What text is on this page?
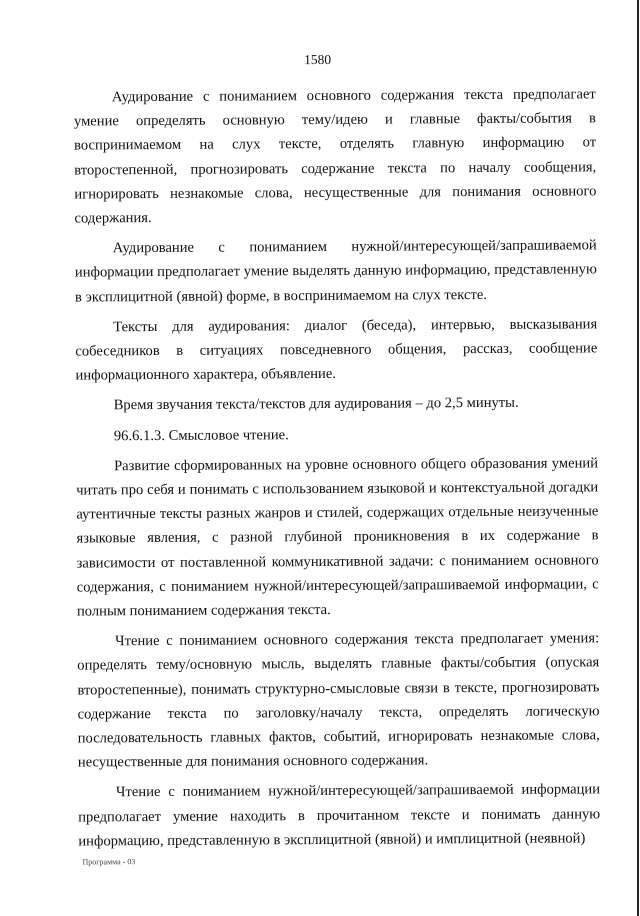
1580

Аудирование с пониманием основного содержания текста предполагает умение определять основную тему/идею и главные факты/события в воспринимаемом на слух тексте, отделять главную информацию от второстепенной, прогнозировать содержание текста по началу сообщения, игнорировать незнакомые слова, несущественные для понимания основного содержания.

Аудирование с пониманием нужной/интересующей/запрашиваемой информации предполагает умение выделять данную информацию, представленную в эксплицитной (явной) форме, в воспринимаемом на слух тексте.

Тексты для аудирования: диалог (беседа), интервью, высказывания собеседников в ситуациях повседневного общения, рассказ, сообщение информационного характера, объявление.

Время звучания текста/текстов для аудирования – до 2,5 минуты.

96.6.1.3. Смысловое чтение.

Развитие сформированных на уровне основного общего образования умений читать про себя и понимать с использованием языковой и контекстуальной догадки аутентичные тексты разных жанров и стилей, содержащих отдельные неизученные языковые явления, с разной глубиной проникновения в их содержание в зависимости от поставленной коммуникативной задачи: с пониманием основного содержания, с пониманием нужной/интересующей/запрашиваемой информации, с полным пониманием содержания текста.

Чтение с пониманием основного содержания текста предполагает умения: определять тему/основную мысль, выделять главные факты/события (опуская второстепенные), понимать структурно-смысловые связи в тексте, прогнозировать содержание текста по заголовку/началу текста, определять логическую последовательность главных фактов, событий, игнорировать незнакомые слова, несущественные для понимания основного содержания.

Чтение с пониманием нужной/интересующей/запрашиваемой информации предполагает умение находить в прочитанном тексте и понимать данную информацию, представленную в эксплицитной (явной) и имплицитной (неявной)

Программа - 03
